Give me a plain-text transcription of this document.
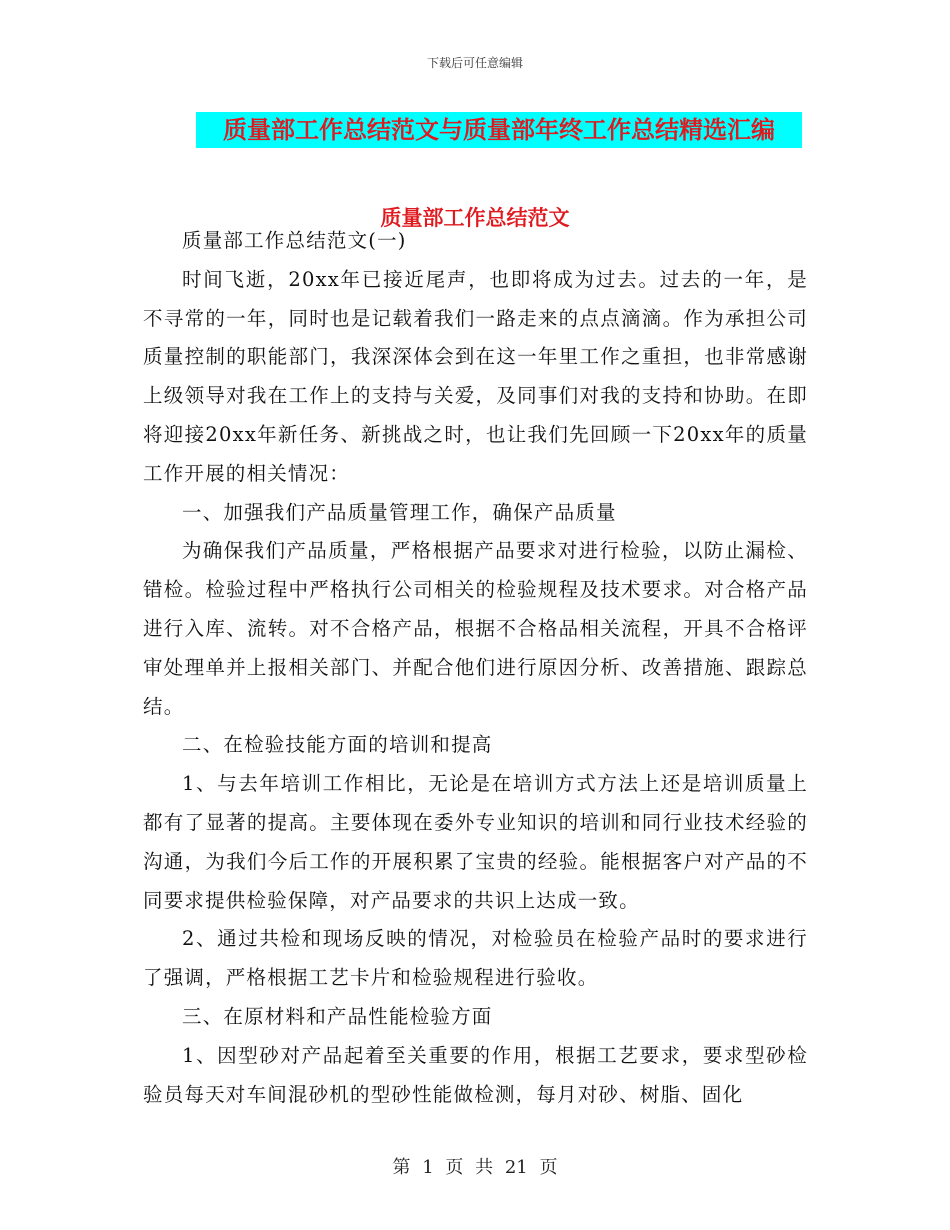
下载后可任意编辑
质量部工作总结范文与质量部年终工作总结精选汇编
质量部工作总结范文

质量部工作总结范文(一)

时间飞逝，20xx年已接近尾声，也即将成为过去。过去的一年，是不寻常的一年，同时也是记载着我们一路走来的点点滴滴。作为承担公司质量控制的职能部门，我深深体会到在这一年里工作之重担，也非常感谢上级领导对我在工作上的支持与关爱，及同事们对我的支持和协助。在即将迎接20xx年新任务、新挑战之时，也让我们先回顾一下20xx年的质量工作开展的相关情况：

一、加强我们产品质量管理工作，确保产品质量

为确保我们产品质量，严格根据产品要求对进行检验，以防止漏检、错检。检验过程中严格执行公司相关的检验规程及技术要求。对合格产品进行入库、流转。对不合格产品，根据不合格品相关流程，开具不合格评审处理单并上报相关部门、并配合他们进行原因分析、改善措施、跟踪总结。

二、在检验技能方面的培训和提高

1、与去年培训工作相比，无论是在培训方式方法上还是培训质量上都有了显著的提高。主要体现在委外专业知识的培训和同行业技术经验的沟通，为我们今后工作的开展积累了宝贵的经验。能根据客户对产品的不同要求提供检验保障，对产品要求的共识上达成一致。

2、通过共检和现场反映的情况，对检验员在检验产品时的要求进行了强调，严格根据工艺卡片和检验规程进行验收。

三、在原材料和产品性能检验方面

1、因型砂对产品起着至关重要的作用，根据工艺要求，要求型砂检验员每天对车间混砂机的型砂性能做检测，每月对砂、树脂、固化

第 1 页 共 21 页
